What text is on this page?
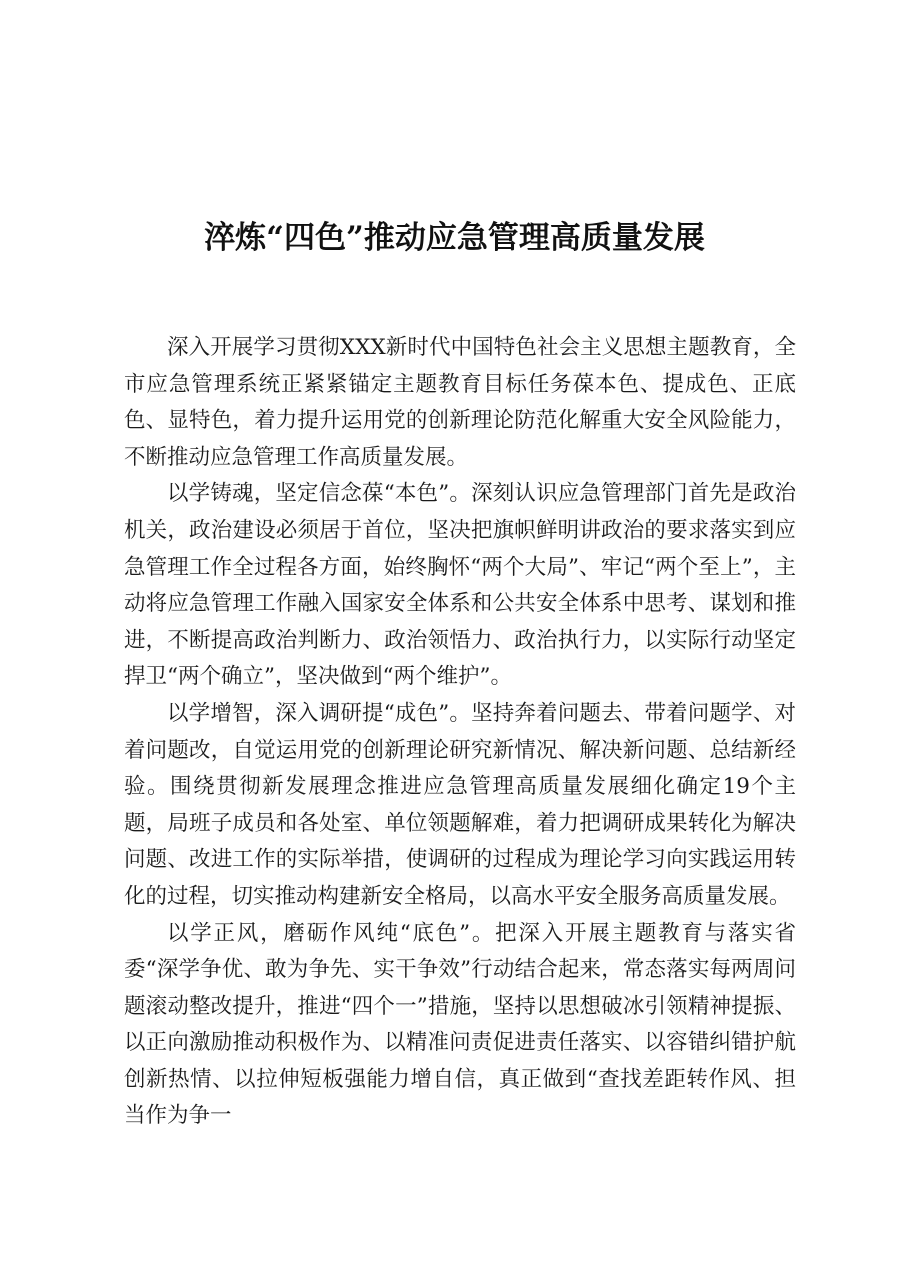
淬炼“四色”推动应急管理高质量发展

深入开展学习贯彻XXX新时代中国特色社会主义思想主题教育，全市应急管理系统正紧紧锚定主题教育目标任务葆本色、提成色、正底色、显特色，着力提升运用党的创新理论防范化解重大安全风险能力，不断推动应急管理工作高质量发展。

以学铸魂，坚定信念葆“本色”。深刻认识应急管理部门首先是政治机关，政治建设必须居于首位，坚决把旗帜鲜明讲政治的要求落实到应急管理工作全过程各方面，始终胸怀“两个大局”、牢记“两个至上”，主动将应急管理工作融入国家安全体系和公共安全体系中思考、谋划和推进，不断提高政治判断力、政治领悟力、政治执行力，以实际行动坚定捍卫“两个确立”，坚决做到“两个维护”。

以学增智，深入调研提“成色”。坚持奔着问题去、带着问题学、对着问题改，自觉运用党的创新理论研究新情况、解决新问题、总结新经验。围绕贯彻新发展理念推进应急管理高质量发展细化确定19个主题，局班子成员和各处室、单位领题解难，着力把调研成果转化为解决问题、改进工作的实际举措，使调研的过程成为理论学习向实践运用转化的过程，切实推动构建新安全格局，以高水平安全服务高质量发展。

以学正风，磨砺作风纯“底色”。把深入开展主题教育与落实省委“深学争优、敢为争先、实干争效”行动结合起来，常态落实每两周问题滚动整改提升，推进“四个一”措施，坚持以思想破冰引领精神提振、以正向激励推动积极作为、以精准问责促进责任落实、以容错纠错护航创新热情、以拉伸短板强能力增自信，真正做到“查找差距转作风、担当作为争一
